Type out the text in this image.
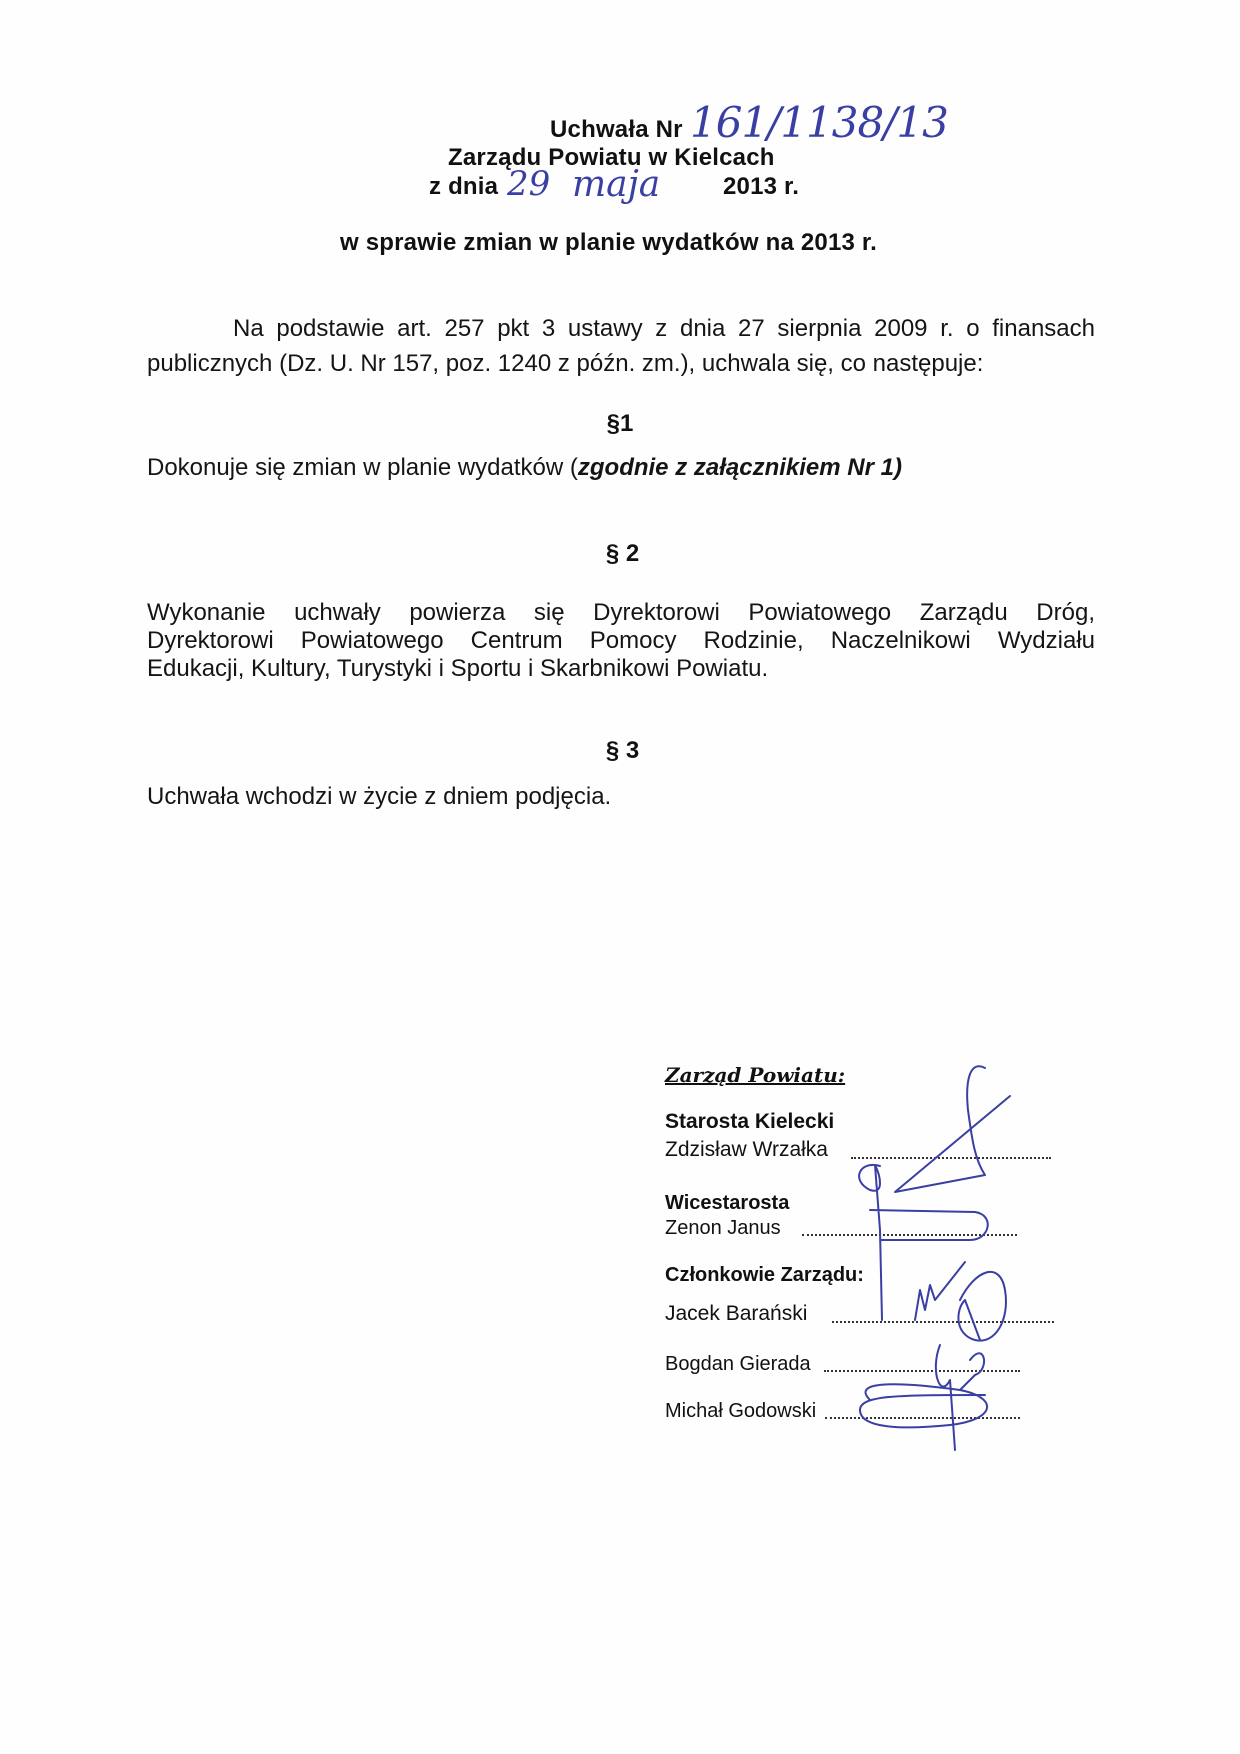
Uchwała Nr 161/1138/13
Zarządu Powiatu w Kielcach
z dnia 29 maja	2013 r.
w sprawie zmian w planie wydatków na 2013 r.
Na podstawie art. 257 pkt 3 ustawy z dnia 27 sierpnia 2009 r. o finansach
publicznych (Dz. U. Nr 157, poz. 1240 z późn. zm.), uchwala się, co następuje:
§1
Dokonuje się zmian w planie wydatków (zgodnie z załącznikiem Nr 1)
§ 2
Wykonanie uchwały powierza się Dyrektorowi Powiatowego Zarządu Dróg,
Dyrektorowi Powiatowego Centrum Pomocy Rodzinie, Naczelnikowi Wydziału
Edukacji, Kultury, Turystyki i Sportu i Skarbnikowi Powiatu.
§ 3
Uchwała wchodzi w życie z dniem podjęcia.
Zarząd Powiatu:
Starosta Kielecki
Zdzisław Wrzałka
Wicestarosta
Zenon Janus
Członkowie Zarządu:
Jacek Barański
Bogdan Gierada
Michał Godowski
